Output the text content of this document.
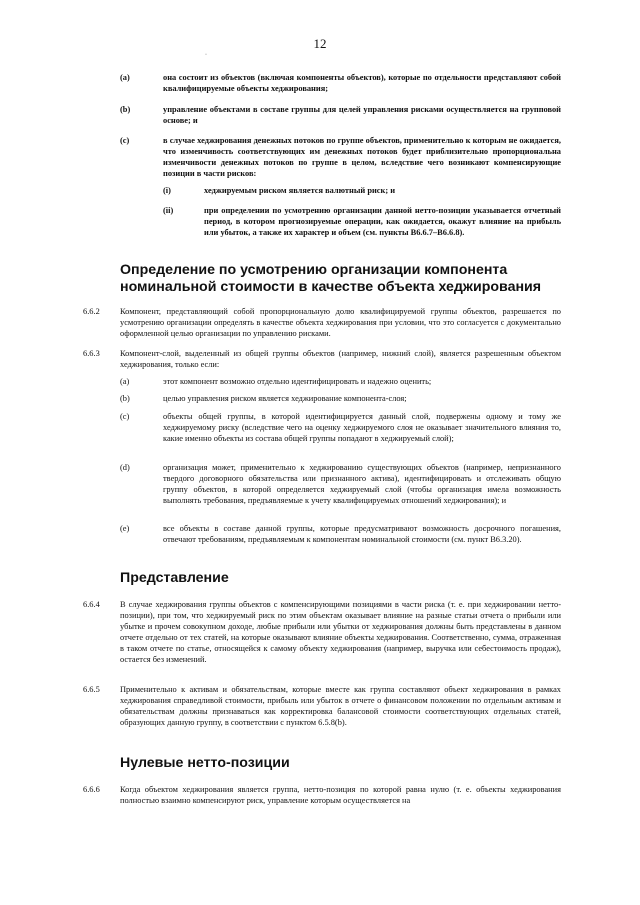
12
·
(a)	она состоит из объектов (включая компоненты объектов), которые по отдельности представляют собой квалифицируемые объекты хеджирования;
(b)	управление объектами в составе группы для целей управления рисками осуществляется на групповой основе; и
(c)	в случае хеджирования денежных потоков по группе объектов, применительно к которым не ожидается, что изменчивость соответствующих им денежных потоков будет приблизительно пропорциональна изменчивости денежных потоков по группе в целом, вследствие чего возникают компенсирующие позиции в части рисков:
(i)	хеджируемым риском является валютный риск; и
(ii)	при определении по усмотрению организации данной нетто-позиции указывается отчетный период, в котором прогнозируемые операции, как ожидается, окажут влияние на прибыль или убыток, а также их характер и объем (см. пункты В6.6.7–В6.6.8).
Определение по усмотрению организации компонента номинальной стоимости в качестве объекта хеджирования
6.6.2 Компонент, представляющий собой пропорциональную долю квалифицируемой группы объектов, разрешается по усмотрению организации определять в качестве объекта хеджирования при условии, что это согласуется с документально оформленной целью организации по управлению рисками.
6.6.3 Компонент-слой, выделенный из общей группы объектов (например, нижний слой), является разрешенным объектом хеджирования, только если:
(a)	этот компонент возможно отдельно идентифицировать и надежно оценить;
(b)	целью управления риском является хеджирование компонента-слоя;
(c)	объекты общей группы, в которой идентифицируется данный слой, подвержены одному и тому же хеджируемому риску (вследствие чего на оценку хеджируемого слоя не оказывает значительного влияния то, какие именно объекты из состава общей группы попадают в хеджируемый слой);
(d)	организация может, применительно к хеджированию существующих объектов (например, непризнанного твердого договорного обязательства или признанного актива), идентифицировать и отслеживать общую группу объектов, в которой определяется хеджируемый слой (чтобы организация имела возможность выполнять требования, предъявляемые к учету квалифицируемых отношений хеджирования); и
(e)	все объекты в составе данной группы, которые предусматривают возможность досрочного погашения, отвечают требованиям, предъявляемым к компонентам номинальной стоимости (см. пункт В6.3.20).
Представление
6.6.4 В случае хеджирования группы объектов с компенсирующими позициями в части риска (т. е. при хеджировании нетто-позиции), при том, что хеджируемый риск по этим объектам оказывает влияние на разные статьи отчета о прибыли или убытке и прочем совокупном доходе, любые прибыли или убытки от хеджирования должны быть представлены в данном отчете отдельно от тех статей, на которые оказывают влияние объекты хеджирования. Соответственно, сумма, отраженная в таком отчете по статье, относящейся к самому объекту хеджирования (например, выручка или себестоимость продаж), остается без изменений.
6.6.5 Применительно к активам и обязательствам, которые вместе как группа составляют объект хеджирования в рамках хеджирования справедливой стоимости, прибыль или убыток в отчете о финансовом положении по отдельным активам и обязательствам должны признаваться как корректировка балансовой стоимости соответствующих отдельных статей, образующих данную группу, в соответствии с пунктом 6.5.8(b).
Нулевые нетто-позиции
6.6.6 Когда объектом хеджирования является группа, нетто-позиция по которой равна нулю (т. е. объекты хеджирования полностью взаимно компенсируют риск, управление которым осуществляется на
